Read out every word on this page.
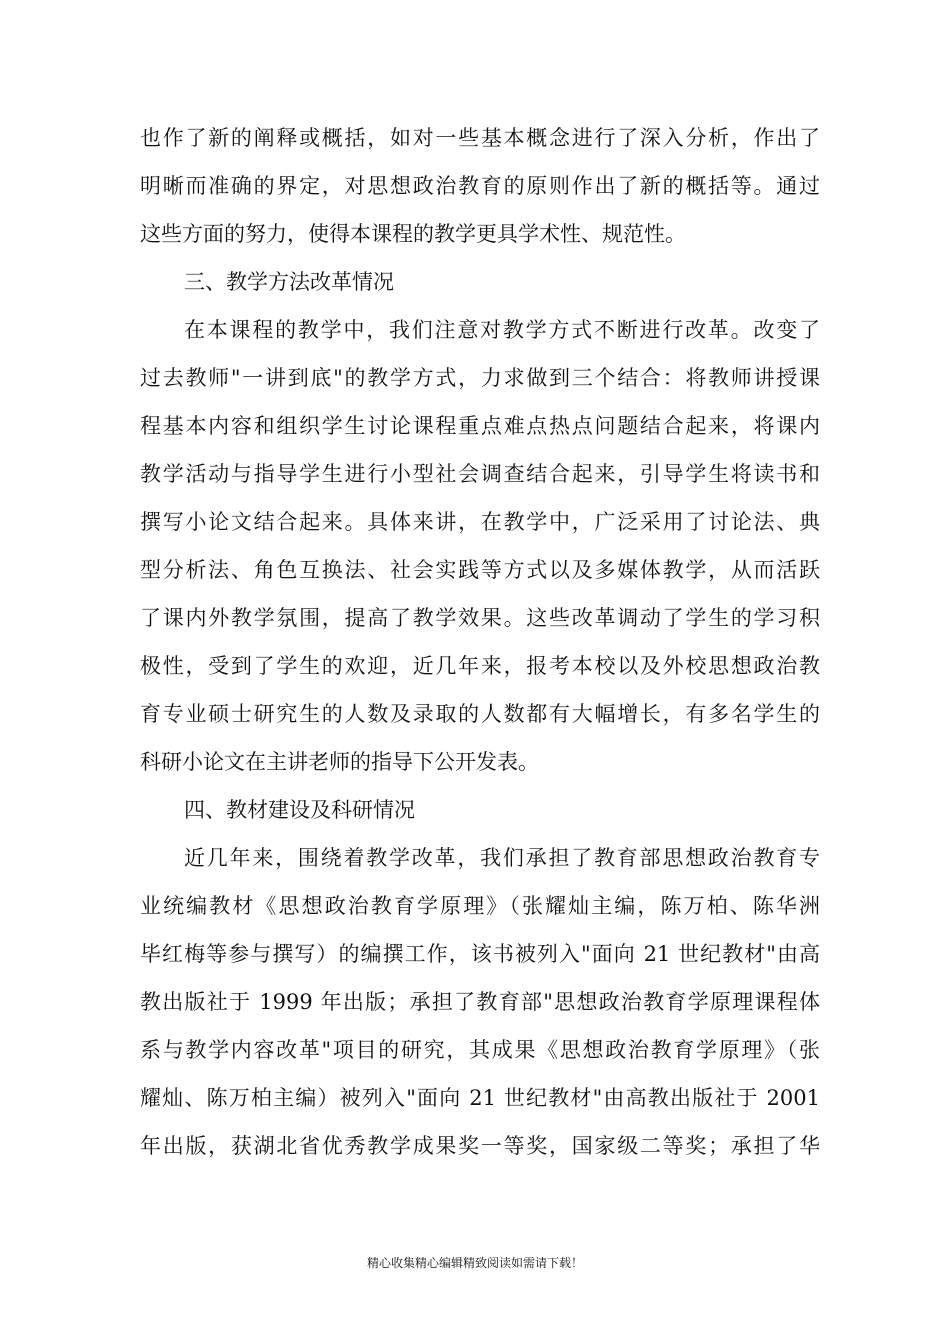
也作了新的阐释或概括，如对一些基本概念进行了深入分析，作出了
明晰而准确的界定，对思想政治教育的原则作出了新的概括等。通过
这些方面的努力，使得本课程的教学更具学术性、规范性。
三、教学方法改革情况
在本课程的教学中，我们注意对教学方式不断进行改革。改变了
过去教师"一讲到底"的教学方式，力求做到三个结合：将教师讲授课
程基本内容和组织学生讨论课程重点难点热点问题结合起来，将课内
教学活动与指导学生进行小型社会调查结合起来，引导学生将读书和
撰写小论文结合起来。具体来讲，在教学中，广泛采用了讨论法、典
型分析法、角色互换法、社会实践等方式以及多媒体教学，从而活跃
了课内外教学氛围，提高了教学效果。这些改革调动了学生的学习积
极性，受到了学生的欢迎，近几年来，报考本校以及外校思想政治教
育专业硕士研究生的人数及录取的人数都有大幅增长，有多名学生的
科研小论文在主讲老师的指导下公开发表。
四、教材建设及科研情况
近几年来，围绕着教学改革，我们承担了教育部思想政治教育专
业统编教材《思想政治教育学原理》（张耀灿主编，陈万柏、陈华洲
毕红梅等参与撰写）的编撰工作，该书被列入"面向 21 世纪教材"由高
教出版社于 1999 年出版；承担了教育部"思想政治教育学原理课程体
系与教学内容改革"项目的研究，其成果《思想政治教育学原理》（张
耀灿、陈万柏主编）被列入"面向 21 世纪教材"由高教出版社于 2001
年出版，获湖北省优秀教学成果奖一等奖，国家级二等奖；承担了华
精心收集精心编辑精致阅读如需请下载！
